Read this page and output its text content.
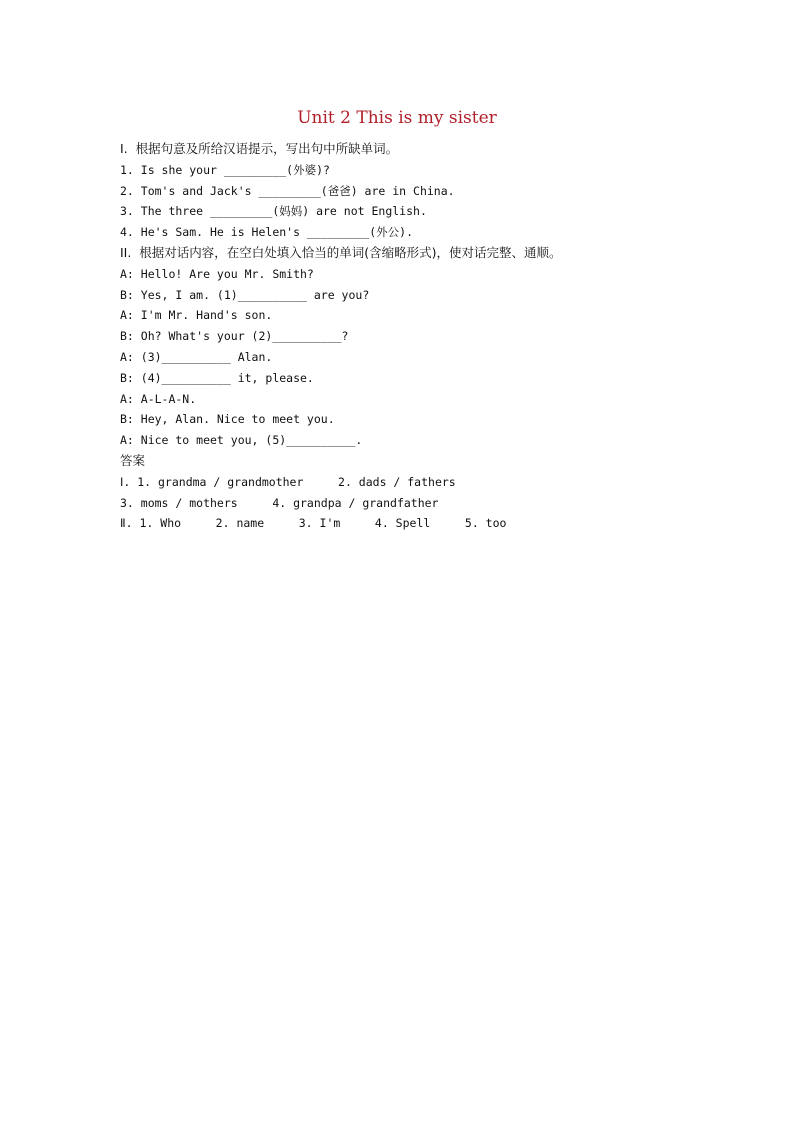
Unit 2 This is my sister
Ⅰ.  根据句意及所给汉语提示，写出句中所缺单词。
1. Is she your _________(外婆)?
2. Tom's and Jack's _________(爸爸) are in China.
3. The three _________(妈妈) are not English.
4. He's Sam. He is Helen's _________(外公).
II.  根据对话内容，在空白处填入恰当的单词(含缩略形式)，使对话完整、通顺。
A: Hello! Are you Mr. Smith?
B: Yes, I am. (1)__________ are you?
A: I'm Mr. Hand's son.
B: Oh? What's your (2)__________?
A: (3)__________ Alan.
B: (4)__________ it, please.
A: A-L-A-N.
B: Hey, Alan. Nice to meet you.
A: Nice to meet you, (5)__________.
答案
Ⅰ. 1. grandma / grandmother     2. dads / fathers
3. moms / mothers     4. grandpa / grandfather
Ⅱ. 1. Who     2. name     3. I'm     4. Spell     5. too
